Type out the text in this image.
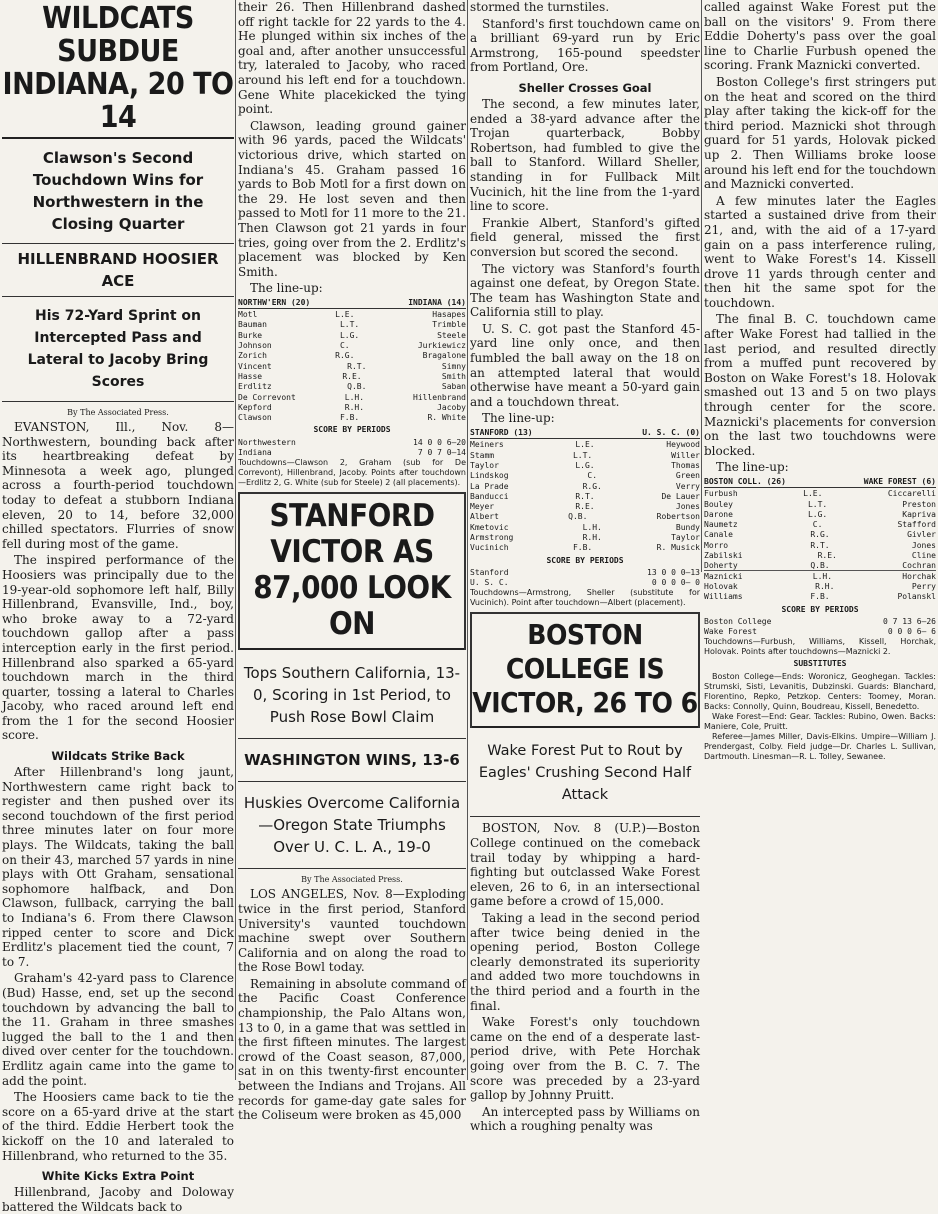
WILDCATS SUBDUE INDIANA, 20 TO 14
Clawson's Second Touchdown Wins for Northwestern in the Closing Quarter
HILLENBRAND HOOSIER ACE
His 72-Yard Sprint on Intercepted Pass and Lateral to Jacoby Bring Scores
By The Associated Press.

EVANSTON, Ill., Nov. 8—Northwestern, bounding back after its heartbreaking defeat by Minnesota a week ago, plunged across a fourth-period touchdown today to defeat a stubborn Indiana eleven, 20 to 14, before 32,000 chilled spectators. Flurries of snow fell during most of the game.

The inspired performance of the Hoosiers was principally due to the 19-year-old sophomore left half, Billy Hillenbrand, Evansville, Ind., boy, who broke away to a 72-yard touchdown gallop after a pass interception early in the first period. Hillenbrand also sparked a 65-yard touchdown march in the third quarter, tossing a lateral to Charles Jacoby, who raced around left end from the 1 for the second Hoosier score.

Wildcats Strike Back

After Hillenbrand's long jaunt, Northwestern came right back to register and then pushed over its second touchdown of the first period three minutes later on four more plays. The Wildcats, taking the ball on their 43, marched 57 yards in nine plays with Ott Graham, sensational sophomore halfback, and Don Clawson, fullback, carrying the ball to Indiana's 6. From there Clawson ripped center to score and Dick Erdlitz's placement tied the count, 7 to 7.

Graham's 42-yard pass to Clarence (Bud) Hasse, end, set up the second touchdown by advancing the ball to the 11. Graham in three smashes lugged the ball to the 1 and then dived over center for the touchdown. Erdlitz again came into the game to add the point.

The Hoosiers came back to tie the score on a 65-yard drive at the start of the third. Eddie Herbert took the kickoff on the 10 and lateraled to Hillenbrand, who returned to the 35.

White Kicks Extra Point

Hillenbrand, Jacoby and Doloway battered the Wildcats back to

their 26. Then Hillenbrand dashed off right tackle for 22 yards to the 4. He plunged within six inches of the goal and, after another unsuccessful try, lateraled to Jacoby, who raced around his left end for a touchdown. Gene White placekicked the tying point.

Clawson, leading ground gainer with 96 yards, paced the Wildcats' victorious drive, which started on Indiana's 45. Graham passed 16 yards to Bob Motl for a first down on the 29. He lost seven and then passed to Motl for 11 more to the 21. Then Clawson got 21 yards in four tries, going over from the 2. Erdlitz's placement was blocked by Ken Smith.

The line-up:

NORTHW'ERN (20)	INDIANA (14)
Motl	L.E.	Hasapes
Bauman	L.T.	Trimble
Burke	L.G.	Steele
Johnson	C.	Jurkiewicz
Zorich	R.G.	Bragalone
Vincent	R.T.	Simny
Hasse	R.E.	Smith
Erdlitz	Q.B.	Saban
De Correvont	L.H.	Hillenbrand
Kepford	R.H.	Jacoby
Clawson	F.B.	R. White
SCORE BY PERIODS
Northwestern	14 0 0 6—20
Indiana	7 0 7 0—14
Touchdowns—Clawson 2, Graham (sub for De Correvont), Hillenbrand, Jacoby. Points after touchdown—Erdlitz 2, G. White (sub for Steele) 2 (all placements).
STANFORD VICTOR AS 87,000 LOOK ON
Tops Southern California, 13-0, Scoring in 1st Period, to Push Rose Bowl Claim
WASHINGTON WINS, 13-6
Huskies Overcome California —Oregon State Triumphs Over U. C. L. A., 19-0
By The Associated Press.

LOS ANGELES, Nov. 8—Exploding twice in the first period, Stanford University's vaunted touchdown machine swept over Southern California and on along the road to the Rose Bowl today.

Remaining in absolute command of the Pacific Coast Conference championship, the Palo Altans won, 13 to 0, in a game that was settled in the first fifteen minutes. The largest crowd of the Coast season, 87,000, sat in on this twenty-first encounter between the Indians and Trojans. All records for game-day gate sales for the Coliseum were broken as 45,000

stormed the turnstiles.

Stanford's first touchdown came on a brilliant 69-yard run by Eric Armstrong, 165-pound speedster from Portland, Ore.

Sheller Crosses Goal

The second, a few minutes later, ended a 38-yard advance after the Trojan quarterback, Bobby Robertson, had fumbled to give the ball to Stanford. Willard Sheller, standing in for Fullback Milt Vucinich, hit the line from the 1-yard line to score.

Frankie Albert, Stanford's gifted field general, missed the first conversion but scored the second.

The victory was Stanford's fourth against one defeat, by Oregon State. The team has Washington State and California still to play.

U. S. C. got past the Stanford 45-yard line only once, and then fumbled the ball away on the 18 on an attempted lateral that would otherwise have meant a 50-yard gain and a touchdown threat.

The line-up:

STANFORD (13)	U. S. C. (0)
Meiners	L.E.	Heywood
Stamm	L.T.	Willer
Taylor	L.G.	Thomas
Lindskog	C.	Green
La Prade	R.G.	Verry
Banducci	R.T.	De Lauer
Meyer	R.E.	Jones
Albert	Q.B.	Robertson
Kmetovic	L.H.	Bundy
Armstrong	R.H.	Taylor
Vucinich	F.B.	R. Musick
SCORE BY PERIODS
Stanford	13 0 0 0—13
U. S. C.	0 0 0 0— 0
Touchdowns—Armstrong, Sheller (substitute for Vucinich). Point after touchdown—Albert (placement).
BOSTON COLLEGE IS VICTOR, 26 TO 6
Wake Forest Put to Rout by Eagles' Crushing Second Half Attack

BOSTON, Nov. 8 (U.P.)—Boston College continued on the comeback trail today by whipping a hard-fighting but outclassed Wake Forest eleven, 26 to 6, in an intersectional game before a crowd of 15,000.

Taking a lead in the second period after twice being denied in the opening period, Boston College clearly demonstrated its superiority and added two more touchdowns in the third period and a fourth in the final.

Wake Forest's only touchdown came on the end of a desperate last-period drive, with Pete Horchak going over from the B. C. 7. The score was preceded by a 23-yard gallop by Johnny Pruitt.

An intercepted pass by Williams on which a roughing penalty was

called against Wake Forest put the ball on the visitors' 9. From there Eddie Doherty's pass over the goal line to Charlie Furbush opened the scoring. Frank Maznicki converted.

Boston College's first stringers put on the heat and scored on the third play after taking the kick-off for the third period. Maznicki shot through guard for 51 yards, Holovak picked up 2. Then Williams broke loose around his left end for the touchdown and Maznicki converted.

A few minutes later the Eagles started a sustained drive from their 21, and, with the aid of a 17-yard gain on a pass interference ruling, went to Wake Forest's 14. Kissell drove 11 yards through center and then hit the same spot for the touchdown.

The final B. C. touchdown came after Wake Forest had tallied in the last period, and resulted directly from a muffed punt recovered by Boston on Wake Forest's 18. Holovak smashed out 13 and 5 on two plays through center for the score. Maznicki's placements for conversion on the last two touchdowns were blocked.

The line-up:

BOSTON COLL. (26)	WAKE FOREST (6)
Furbush	L.E.	Ciccarelli
Bouley	L.T.	Preston
Darone	L.G.	Kapriva
Naumetz	C.	Stafford
Canale	R.G.	Givler
Morro	R.T.	Jones
Zabilski	R.E.	Cline
Doherty	Q.B.	Cochran
Maznicki	L.H.	Horchak
Holovak	R.H.	Perry
Williams	F.B.	Polanskl
SCORE BY PERIODS
Boston College	0 7 13 6—26
Wake Forest	0 0 0 6— 6
Touchdowns—Furbush, Williams, Kissell, Horchak, Holovak. Points after touchdowns—Maznicki 2.
SUBSTITUTES
Boston College—Ends: Woronicz, Geoghegan. Tackles: Strumski, Sisti, Levanitis, Dubzinski. Guards: Blanchard, Florentino, Repko, Petzkop. Centers: Toomey, Moran. Backs: Connolly, Quinn, Boudreau, Kissell, Benedetto.
Wake Forest—End: Gear. Tackles: Rubino, Owen. Backs: Maniere, Cole, Pruitt.
Referee—James Miller, Davis-Elkins. Umpire—William J. Prendergast, Colby. Field judge—Dr. Charles L. Sullivan, Dartmouth. Linesman—R. L. Tolley, Sewanee.
